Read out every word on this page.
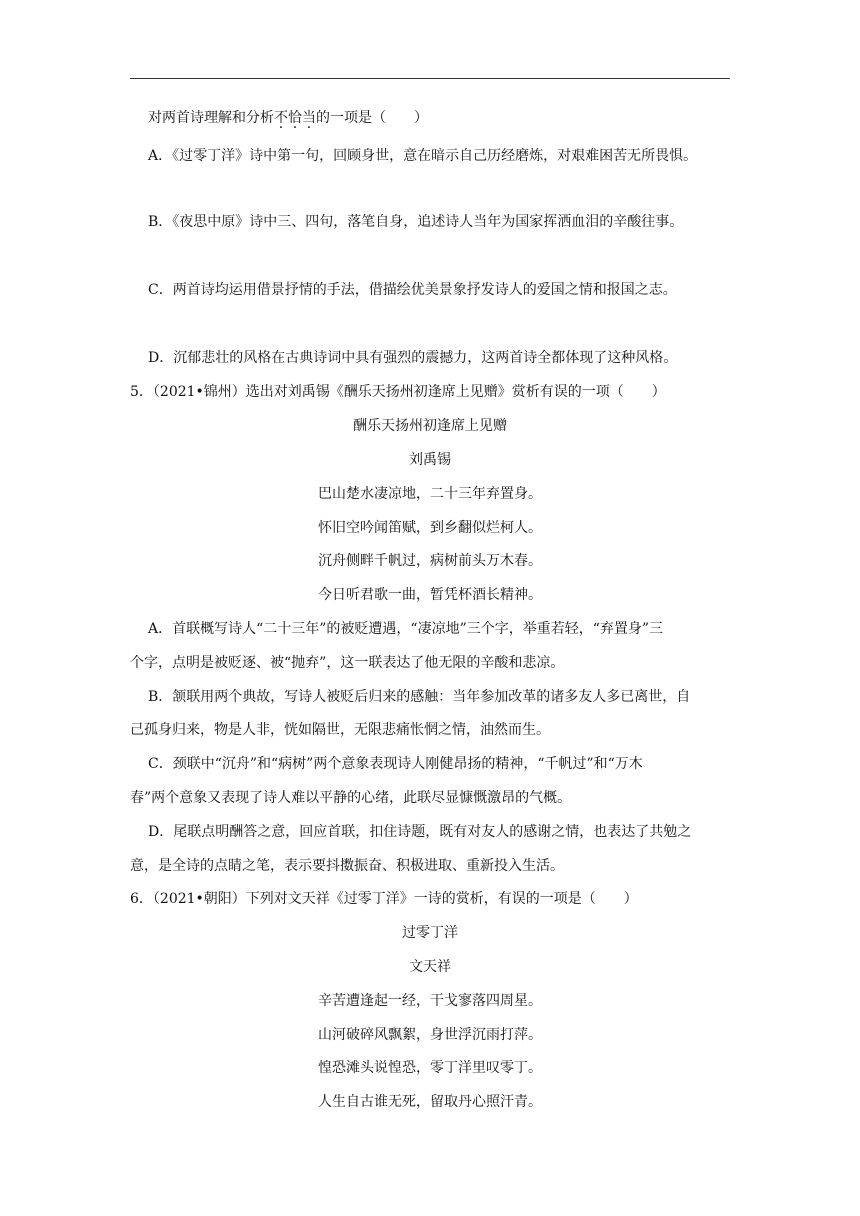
对两首诗理解和分析不恰当的一项是（　　）
A．《过零丁洋》诗中第一句，回顾身世，意在暗示自己历经磨炼，对艰难困苦无所畏惧。
B．《夜思中原》诗中三、四句，落笔自身，追述诗人当年为国家挥洒血泪的辛酸往事。
C．两首诗均运用借景抒情的手法，借描绘优美景象抒发诗人的爱国之情和报国之志。
D．沉郁悲壮的风格在古典诗词中具有强烈的震撼力，这两首诗全都体现了这种风格。
5．（2021•锦州）选出对刘禹锡《酬乐天扬州初逢席上见赠》赏析有误的一项（　　）
酬乐天扬州初逢席上见赠
刘禹锡
巴山楚水凄凉地，二十三年弃置身。
怀旧空吟闻笛赋，到乡翻似烂柯人。
沉舟侧畔千帆过，病树前头万木春。
今日听君歌一曲，暂凭杯酒长精神。
A．首联概写诗人“二十三年”的被贬遭遇，“凄凉地”三个字，举重若轻，“弃置身”三
个字，点明是被贬逐、被“抛弃”，这一联表达了他无限的辛酸和悲凉。
B．颔联用两个典故，写诗人被贬后归来的感触：当年参加改革的诸多友人多已离世，自
己孤身归来，物是人非，恍如隔世，无限悲痛怅惘之情，油然而生。
C．颈联中“沉舟”和“病树”两个意象表现诗人刚健昂扬的精神，“千帆过”和“万木
春”两个意象又表现了诗人难以平静的心绪，此联尽显慷慨激昂的气概。
D．尾联点明酬答之意，回应首联，扣住诗题，既有对友人的感谢之情，也表达了共勉之
意，是全诗的点睛之笔，表示要抖擞振奋、积极进取、重新投入生活。
6．（2021•朝阳）下列对文天祥《过零丁洋》一诗的赏析，有误的一项是（　　）
过零丁洋
文天祥
辛苦遭逢起一经，干戈寥落四周星。
山河破碎风飘絮，身世浮沉雨打萍。
惶恐滩头说惶恐，零丁洋里叹零丁。
人生自古谁无死，留取丹心照汗青。
